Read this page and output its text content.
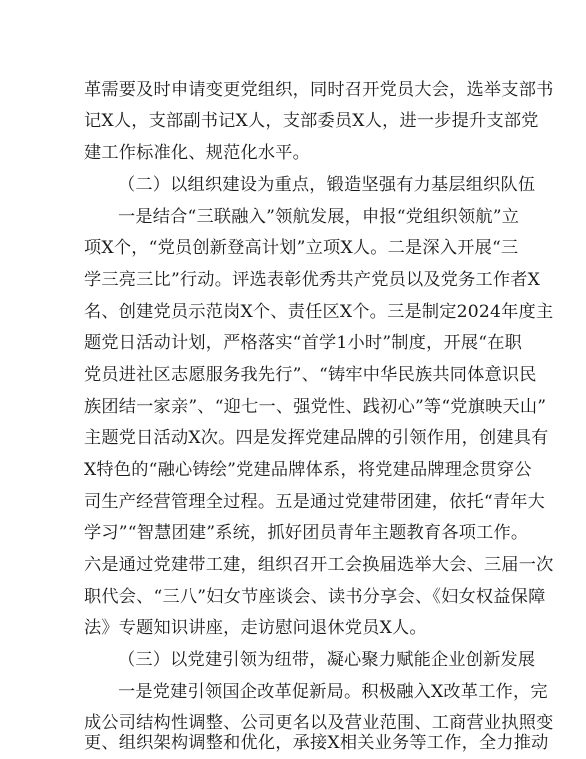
革需要及时申请变更党组织，同时召开党员大会，选举支部书
记X人，支部副书记X人，支部委员X人，进一步提升支部党
建工作标准化、规范化水平。
（二）以组织建设为重点，锻造坚强有力基层组织队伍
一是结合“三联融入”领航发展，申报“党组织领航”立
项X个，“党员创新登高计划”立项X人。二是深入开展“三
学三亮三比”行动。评选表彰优秀共产党员以及党务工作者X
名、创建党员示范岗X个、责任区X个。三是制定2024年度主
题党日活动计划，严格落实“首学1小时”制度，开展“在职
党员进社区志愿服务我先行”、“铸牢中华民族共同体意识民
族团结一家亲”、“迎七一、强党性、践初心”等“党旗映天山”
主题党日活动X次。四是发挥党建品牌的引领作用，创建具有
X特色的“融心铸绘”党建品牌体系，将党建品牌理念贯穿公
司生产经营管理全过程。五是通过党建带团建，依托“青年大
学习”“智慧团建”系统，抓好团员青年主题教育各项工作。
六是通过党建带工建，组织召开工会换届选举大会、三届一次
职代会、“三八”妇女节座谈会、读书分享会、《妇女权益保障
法》专题知识讲座，走访慰问退休党员X人。
（三）以党建引领为纽带，凝心聚力赋能企业创新发展
一是党建引领国企改革促新局。积极融入X改革工作，完
成公司结构性调整、公司更名以及营业范围、工商营业执照变
更、组织架构调整和优化，承接X相关业务等工作，全力推动
